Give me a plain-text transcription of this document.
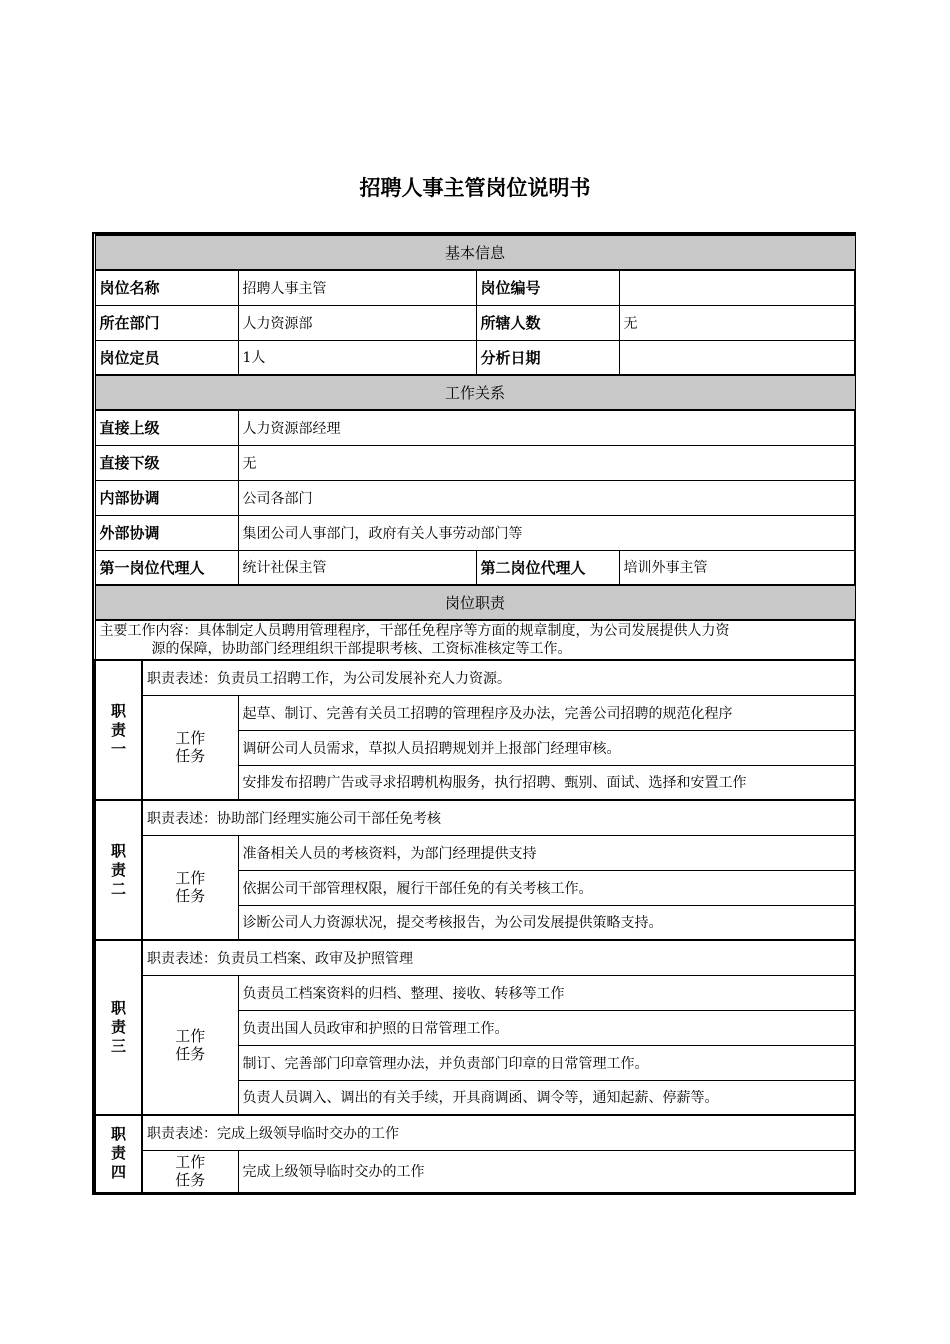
招聘人事主管岗位说明书
基本信息				
岗位名称		招聘人事主管	岗位编号	
所在部门		人力资源部	所辖人数	无
岗位定员		1人	分析日期	
工作关系				
直接上级		人力资源部经理		
直接下级		无		
内部协调		公司各部门		
外部协调		集团公司人事部门，政府有关人事劳动部门等		
第一岗位代理人		统计社保主管	第二岗位代理人	培训外事主管
岗位职责				

主要工作内容：具体制定人员聘用管理程序，干部任免程序等方面的规章制度，为公司发展提供人力资
源的保障，协助部门经理组织干部提职考核、工资标准核定等工作。				

职责一	职责表述：负责员工招聘工作，为公司发展补充人力资源。			
	工作任务	起草、制订、完善有关员工招聘的管理程序及办法，完善公司招聘的规范化程序		
		调研公司人员需求，草拟人员招聘规划并上报部门经理审核。		
		安排发布招聘广告或寻求招聘机构服务，执行招聘、甄别、面试、选择和安置工作		
职责二	职责表述：协助部门经理实施公司干部任免考核			
	工作任务	准备相关人员的考核资料，为部门经理提供支持		
		依据公司干部管理权限，履行干部任免的有关考核工作。		
		诊断公司人力资源状况，提交考核报告，为公司发展提供策略支持。		
职责三	职责表述：负责员工档案、政审及护照管理			
	工作任务	负责员工档案资料的归档、整理、接收、转移等工作		
		负责出国人员政审和护照的日常管理工作。		
		制订、完善部门印章管理办法，并负责部门印章的日常管理工作。		
		负责人员调入、调出的有关手续，开具商调函、调令等，通知起薪、停薪等。		
职责四	职责表述：完成上级领导临时交办的工作			
	工作任务	完成上级领导临时交办的工作		
